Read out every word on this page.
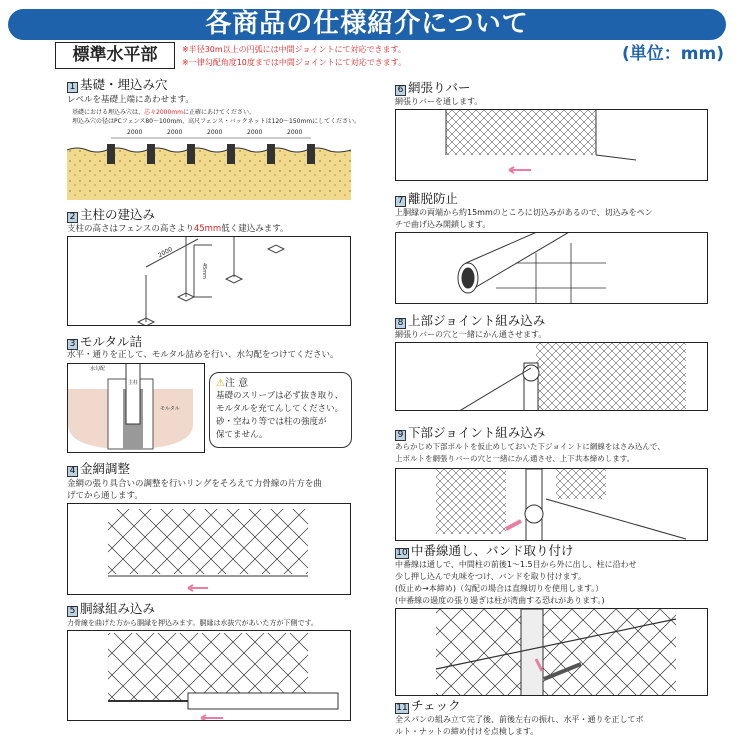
各商品の仕様紹介について
標準水平部	※半径30m以上の円弧には中間ジョイントにて対応できます。
※一律勾配角度10度までは中間ジョイントにて対応できます。	(単位：mm)
1 基礎・埋込み穴
レベルを基礎上端にあわせます。
基礎における埋込み穴は、芯々2000mmに正確にあけてください。
埋込み穴の径はPCフェンス80～100mm、高尺フェンス・バックネットは120～150mmにしてください。
2000	2000	2000	2000	2000
2 主柱の建込み
支柱の高さはフェンスの高さより45mm低く建込みます。
2000
45mm
3 モルタル詰
水平・通りを正して、モルタル詰めを行い、水勾配をつけてください。
水勾配
主柱
モルタル
⚠注 意
基礎のスリーブは必ず抜き取り、
モルタルを充てんしてください。
砂・空ねり等では柱の強度が
保てません。
4 金網調整
金網の張り具合いの調整を行いリングをそろえて力骨線の片方を曲
げてから通します。
5 胴縁組み込み
力骨線を曲げた方から胴縁を押込みます。胴縁は水抜穴があいた方が下側です。
6 網張りバー
網張りバーを通します。
7 離脱防止
上胴縁の両端から約15mmのところに切込みがあるので、切込みをペン
チで曲げ込み開鎖します。
8 上部ジョイント組み込み
網張りバーの穴と一緒にかん通させます。
9 下部ジョイント組み込み
あらかじめ下部ボルトを仮止めしておいた下ジョイントに網線をはさみ込んで、
上ボルトを網張りバーの穴と一緒にかん通させ、上下共本締めします。
10 中番線通し、バンド取り付け
中番線は通しで、中間柱の前後1～1.5目から外に出し、柱に沿わせ
少し押し込んで丸味をつけ、バンドを取り付けます。
(仮止め→本締め)（勾配の場合は直線切りを使用します。）
(中番線の過度の張り過ぎは柱が湾曲する恐れがあります。)
11 チェック
全スパンの組み立て完了後、前後左右の振れ、水平・通りを正してボ
ルト・ナットの締め付けを点検します。
